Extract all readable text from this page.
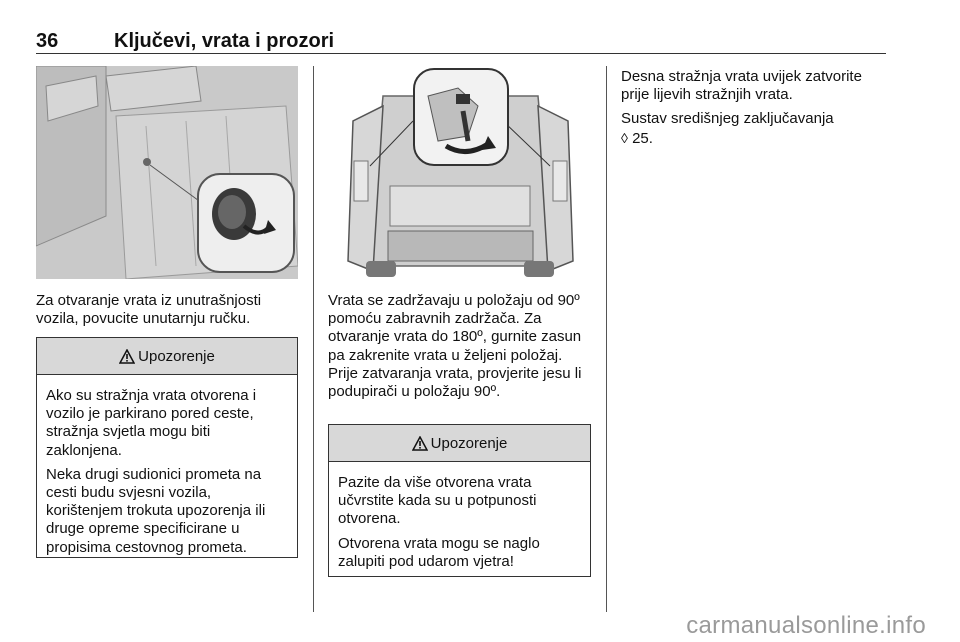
36	Ključevi, vrata i prozori

Za otvaranje vrata iz unutrašnjosti vozila, povucite unutarnju ručku.

Upozorenje

Ako su stražnja vrata otvorena i vozilo je parkirano pored ceste, stražnja svjetla mogu biti zaklonjena.

Neka drugi sudionici prometa na cesti budu svjesni vozila, korištenjem trokuta upozorenja ili druge opreme specificirane u propisima cestovnog prometa.

Vrata se zadržavaju u položaju od 90º pomoću zabravnih zadržača. Za otvaranje vrata do 180º, gurnite zasun pa zakrenite vrata u željeni položaj. Prije zatvaranja vrata, provjerite jesu li podupirači u položaju 90º.

Upozorenje

Pazite da više otvorena vrata učvrstite kada su u potpunosti otvorena.

Otvorena vrata mogu se naglo zalupiti pod udarom vjetra!

Desna stražnja vrata uvijek zatvorite prije lijevih stražnjih vrata.

Sustav središnjeg zaključavanja

◊ 25.

carmanualsonline.info
